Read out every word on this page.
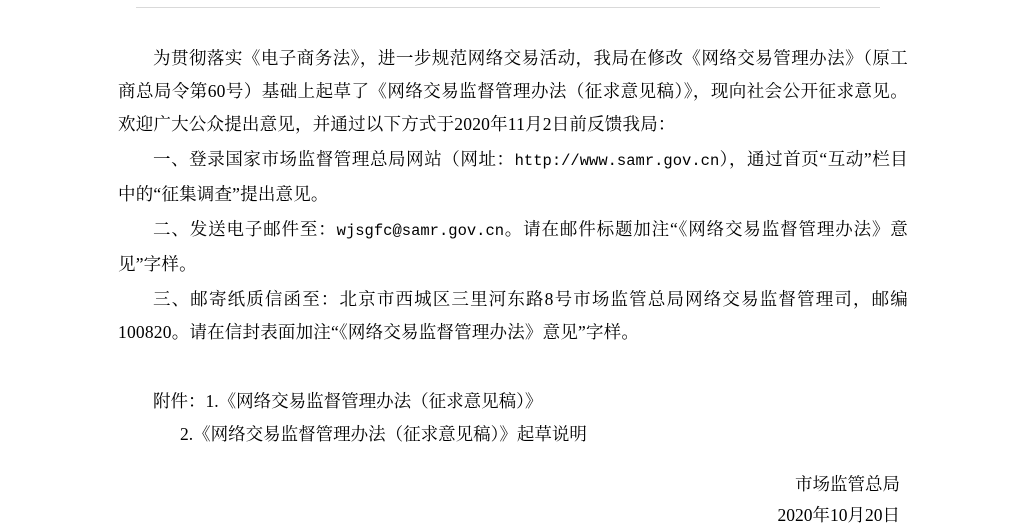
为贯彻落实《电子商务法》，进一步规范网络交易活动，我局在修改《网络交易管理办法》（原工商总局令第60号）基础上起草了《网络交易监督管理办法（征求意见稿）》，现向社会公开征求意见。欢迎广大公众提出意见，并通过以下方式于2020年11月2日前反馈我局：

一、登录国家市场监督管理总局网站（网址：http://www.samr.gov.cn），通过首页“互动”栏目中的“征集调查”提出意见。

二、发送电子邮件至：wjsgfc@samr.gov.cn。请在邮件标题加注“《网络交易监督管理办法》意见”字样。

三、邮寄纸质信函至：北京市西城区三里河东路8号市场监管总局网络交易监督管理司，邮编100820。请在信封表面加注“《网络交易监督管理办法》意见”字样。

附件：1.《网络交易监督管理办法（征求意见稿）》

2.《网络交易监督管理办法（征求意见稿）》起草说明

市场监管总局
2020年10月20日
